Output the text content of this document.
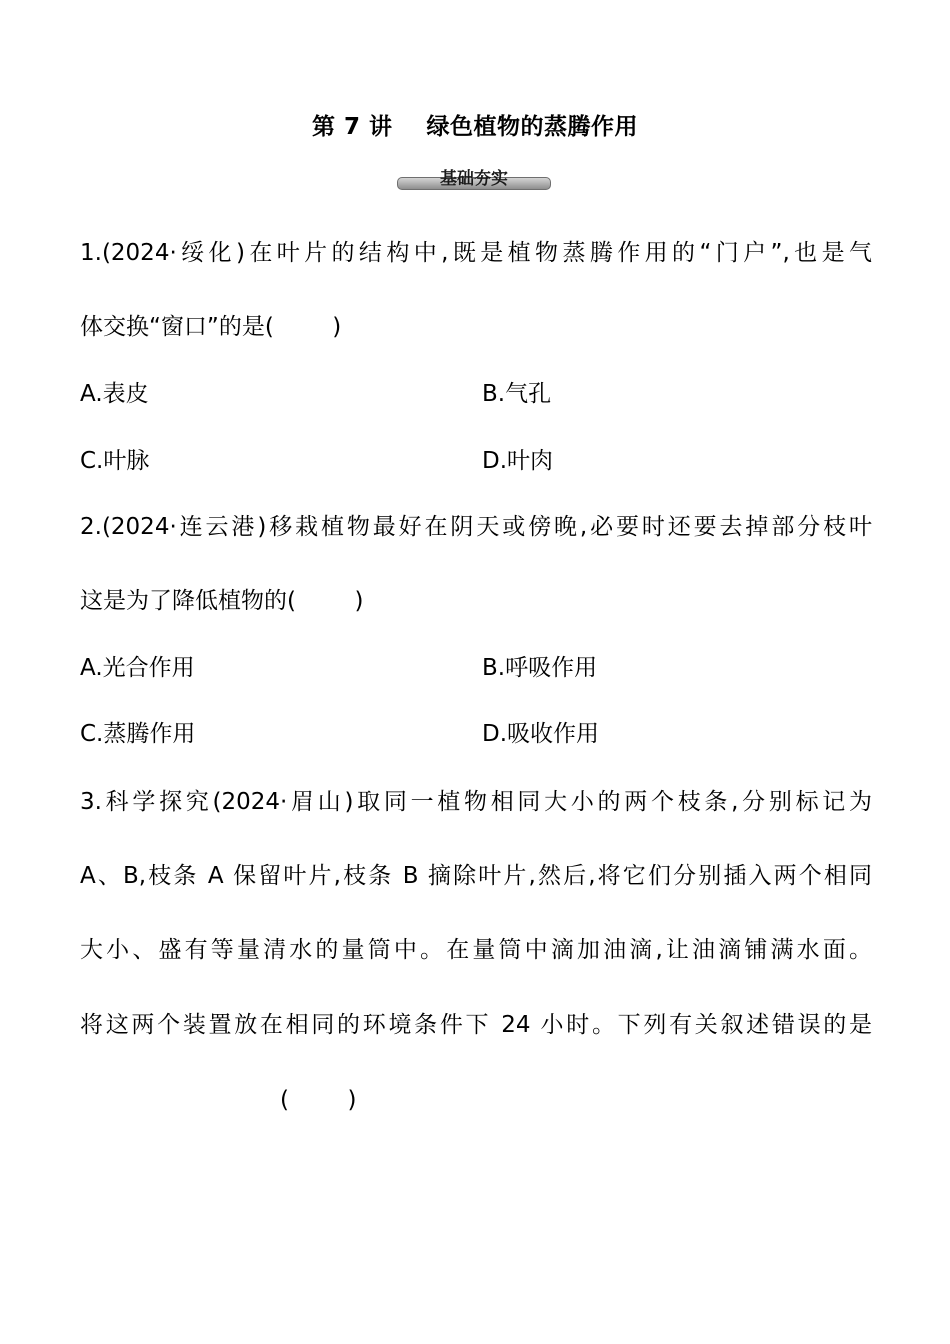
第 7 讲    绿色植物的蒸腾作用
基础夯实
1.(2024·绥化)在叶片的结构中,既是植物蒸腾作用的“门户”,也是气
体交换“窗口”的是(        )
A.表皮	B.气孔
C.叶脉	D.叶肉
2.(2024·连云港)移栽植物最好在阴天或傍晚,必要时还要去掉部分枝叶
这是为了降低植物的(        )
A.光合作用	B.呼吸作用
C.蒸腾作用	D.吸收作用
3.科学探究(2024·眉山)取同一植物相同大小的两个枝条,分别标记为
A、B,枝条 A 保留叶片,枝条 B 摘除叶片,然后,将它们分别插入两个相同
大小、盛有等量清水的量筒中。在量筒中滴加油滴,让油滴铺满水面。
将这两个装置放在相同的环境条件下 24 小时。下列有关叙述错误的是
(        )
